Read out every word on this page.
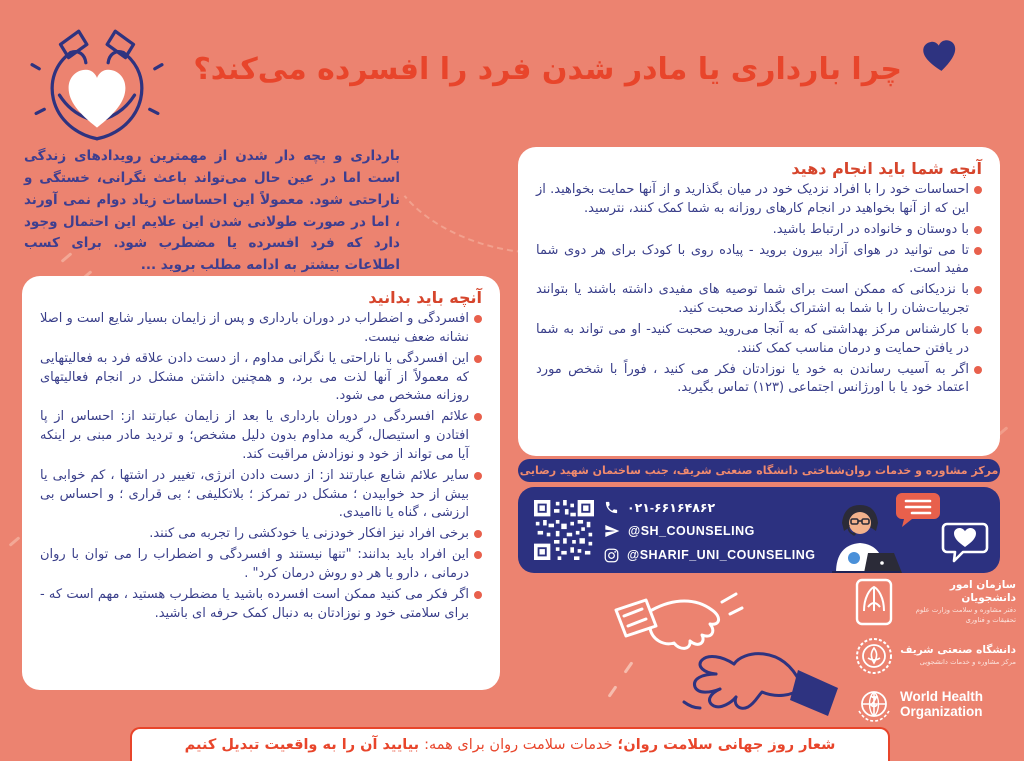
چرا بارداری یا مادر شدن فرد را افسرده می‌کند؟
بارداری و بچه دار شدن از مهمترین رویدادهای زندگی است اما در عین حال می‌تواند باعث نگرانی، خستگی و ناراحتی شود. معمولاً این احساسات زیاد دوام نمی آورند ، اما در صورت طولانی شدن این علایم این احتمال وجود دارد که فرد افسرده یا مضطرب شود. برای کسب اطلاعات بیشتر به ادامه مطلب بروید ...
آنچه باید بدانید
افسردگی و اضطراب در دوران بارداری و پس از زایمان بسیار شایع است و اصلا نشانه ضعف نیست.
این افسردگی با ناراحتی یا نگرانی مداوم ، از دست دادن علاقه فرد به فعالیتهایی که معمولاً از آنها لذت می برد، و همچنین داشتن مشکل در انجام فعالیتهای روزانه مشخص می شود.
علائم افسردگی در دوران بارداری یا بعد از زایمان عبارتند از: احساس از پا افتادن و استیصال، گریه مداوم بدون دلیل مشخص؛ و تردید مادر مبنی بر اینکه آیا می تواند از خود و نوزادش مراقبت کند.
سایر علائم شایع عبارتند از: از دست دادن انرژی، تغییر در اشتها ، کم خوابی یا بیش از حد خوابیدن ؛ مشکل در تمرکز ؛ بلاتکلیفی ؛ بی قراری ؛ و احساس بی ارزشی ، گناه یا ناامیدی.
برخی افراد نیز افکار خودزنی یا خودکشی را تجربه می کنند.
این افراد باید بدانند: "تنها نیستند و افسردگی و اضطراب را می توان با روان درمانی ، دارو یا هر دو روش درمان کرد" .
اگر فکر می کنید ممکن است افسرده باشید یا مضطرب هستید ، مهم است که - برای سلامتی خود و نوزادتان به دنبال کمک حرفه ای باشید.
آنچه شما باید انجام دهید
احساسات خود را با افراد نزدیک خود در میان بگذارید و از آنها حمایت بخواهید. از این که از آنها بخواهید در انجام کارهای روزانه به شما کمک کنند، نترسید.
با دوستان و خانواده در ارتباط باشید.
تا می توانید در هوای آزاد بیرون بروید - پیاده روی با کودک برای هر دوی شما مفید است.
با نزدیکانی که ممکن است برای شما توصیه های مفیدی داشته باشند یا بتوانند تجربیات‌شان را با شما به اشتراک بگذارند صحبت کنید.
با کارشناس مرکز بهداشتی که به آنجا می‌روید صحبت کنید- او می تواند به شما در یافتن حمایت و درمان مناسب کمک کنند.
اگر به آسیب رساندن به خود یا نوزادتان فکر می کنید ، فوراً با شخص مورد اعتماد خود یا با اورژانس اجتماعی (۱۲۳) تماس بگیرید.
مرکز مشاوره و خدمات روان‌شناختی دانشگاه صنعتی شریف، جنب ساختمان شهید رضایی
۰۲۱-۶۶۱۶۴۸۶۲
@SH_COUNSELING
@SHARIF_UNI_COUNSELING
سازمان امور دانشجویان
دفتر مشاوره و سلامت وزارت علوم تحقیقات و فناوری
دانشگاه صنعتی شریف
مرکز مشاوره و خدمات دانشجویی
World Health Organization
شعار روز جهانی سلامت روان؛
خدمات سلامت روان برای همه:
بیایید آن را به واقعیت تبدیل کنیم
